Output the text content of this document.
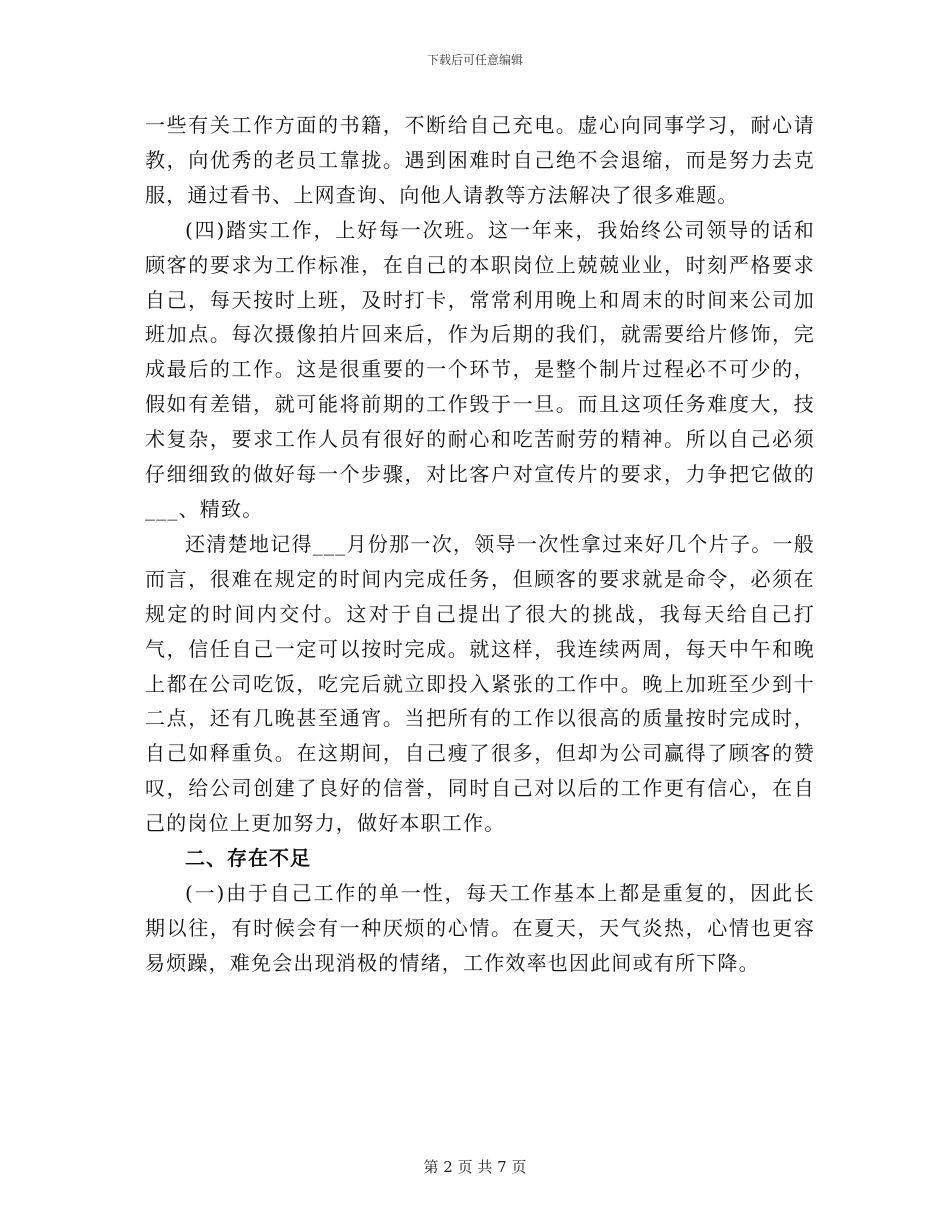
下载后可任意编辑

一些有关工作方面的书籍，不断给自己充电。虚心向同事学习，耐心请教，向优秀的老员工靠拢。遇到困难时自己绝不会退缩，而是努力去克服，通过看书、上网查询、向他人请教等方法解决了很多难题。

(四)踏实工作，上好每一次班。这一年来，我始终公司领导的话和顾客的要求为工作标准，在自己的本职岗位上兢兢业业，时刻严格要求自己，每天按时上班，及时打卡，常常利用晚上和周末的时间来公司加班加点。每次摄像拍片回来后，作为后期的我们，就需要给片修饰，完成最后的工作。这是很重要的一个环节，是整个制片过程必不可少的，假如有差错，就可能将前期的工作毁于一旦。而且这项任务难度大，技术复杂，要求工作人员有很好的耐心和吃苦耐劳的精神。所以自己必须仔细细致的做好每一个步骤，对比客户对宣传片的要求，力争把它做的___、精致。

还清楚地记得___月份那一次，领导一次性拿过来好几个片子。一般而言，很难在规定的时间内完成任务，但顾客的要求就是命令，必须在规定的时间内交付。这对于自己提出了很大的挑战，我每天给自己打气，信任自己一定可以按时完成。就这样，我连续两周，每天中午和晚上都在公司吃饭，吃完后就立即投入紧张的工作中。晚上加班至少到十二点，还有几晚甚至通宵。当把所有的工作以很高的质量按时完成时，自己如释重负。在这期间，自己瘦了很多，但却为公司赢得了顾客的赞叹，给公司创建了良好的信誉，同时自己对以后的工作更有信心，在自己的岗位上更加努力，做好本职工作。

二、存在不足

(一)由于自己工作的单一性，每天工作基本上都是重复的，因此长期以往，有时候会有一种厌烦的心情。在夏天，天气炎热，心情也更容易烦躁，难免会出现消极的情绪，工作效率也因此间或有所下降。

第 2 页 共 7 页
